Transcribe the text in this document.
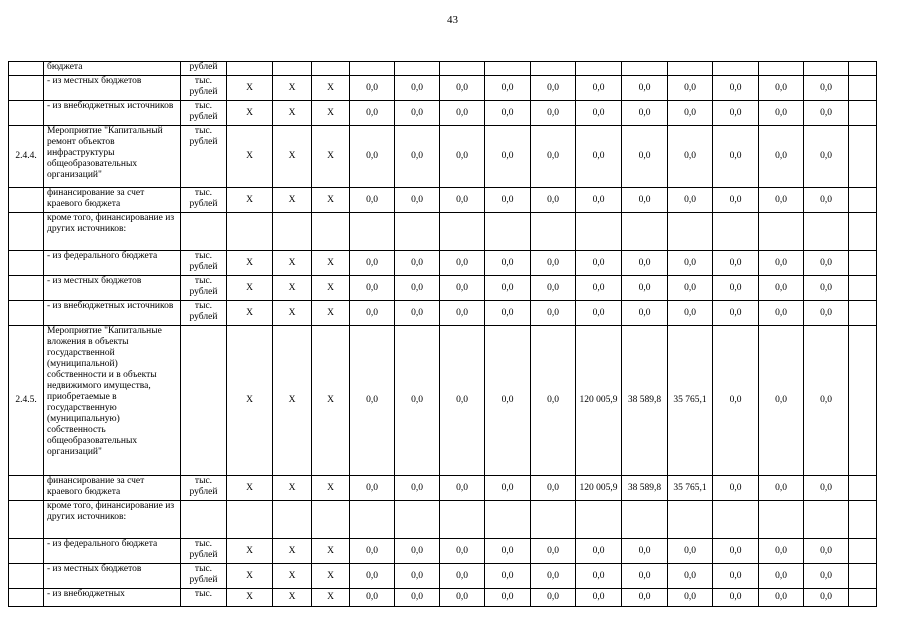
43
	бюджета	рублей															
	- из местных бюджетов	тыс. рублей	Х	Х	Х	0,0	0,0	0,0	0,0	0,0	0,0	0,0	0,0	0,0	0,0	0,0	
	- из внебюджетных источников	тыс. рублей	Х	Х	Х	0,0	0,0	0,0	0,0	0,0	0,0	0,0	0,0	0,0	0,0	0,0	
2.4.4.	Мероприятие "Капитальный ремонт объектов инфраструктуры общеобразовательных организаций"	тыс. рублей	Х	Х	Х	0,0	0,0	0,0	0,0	0,0	0,0	0,0	0,0	0,0	0,0	0,0	
	финансирование за счет краевого бюджета	тыс. рублей	Х	Х	Х	0,0	0,0	0,0	0,0	0,0	0,0	0,0	0,0	0,0	0,0	0,0	
	кроме того, финансирование из других источников:																
	- из федерального бюджета	тыс. рублей	Х	Х	Х	0,0	0,0	0,0	0,0	0,0	0,0	0,0	0,0	0,0	0,0	0,0	
	- из местных бюджетов	тыс. рублей	Х	Х	Х	0,0	0,0	0,0	0,0	0,0	0,0	0,0	0,0	0,0	0,0	0,0	
	- из внебюджетных источников	тыс. рублей	Х	Х	Х	0,0	0,0	0,0	0,0	0,0	0,0	0,0	0,0	0,0	0,0	0,0	
2.4.5.	Мероприятие "Капитальные вложения в объекты государственной (муниципальной) собственности и в объекты недвижимого имущества, приобретаемые в государственную (муниципальную) собственность общеобразовательных организаций"		Х	Х	Х	0,0	0,0	0,0	0,0	0,0	120 005,9	38 589,8	35 765,1	0,0	0,0	0,0	
	финансирование за счет краевого бюджета	тыс. рублей	Х	Х	Х	0,0	0,0	0,0	0,0	0,0	120 005,9	38 589,8	35 765,1	0,0	0,0	0,0	
	кроме того, финансирование из других источников:																
	- из федерального бюджета	тыс. рублей	Х	Х	Х	0,0	0,0	0,0	0,0	0,0	0,0	0,0	0,0	0,0	0,0	0,0	
	- из местных бюджетов	тыс. рублей	Х	Х	Х	0,0	0,0	0,0	0,0	0,0	0,0	0,0	0,0	0,0	0,0	0,0	
	- из внебюджетных	тыс.	Х	Х	Х	0,0	0,0	0,0	0,0	0,0	0,0	0,0	0,0	0,0	0,0	0,0	
